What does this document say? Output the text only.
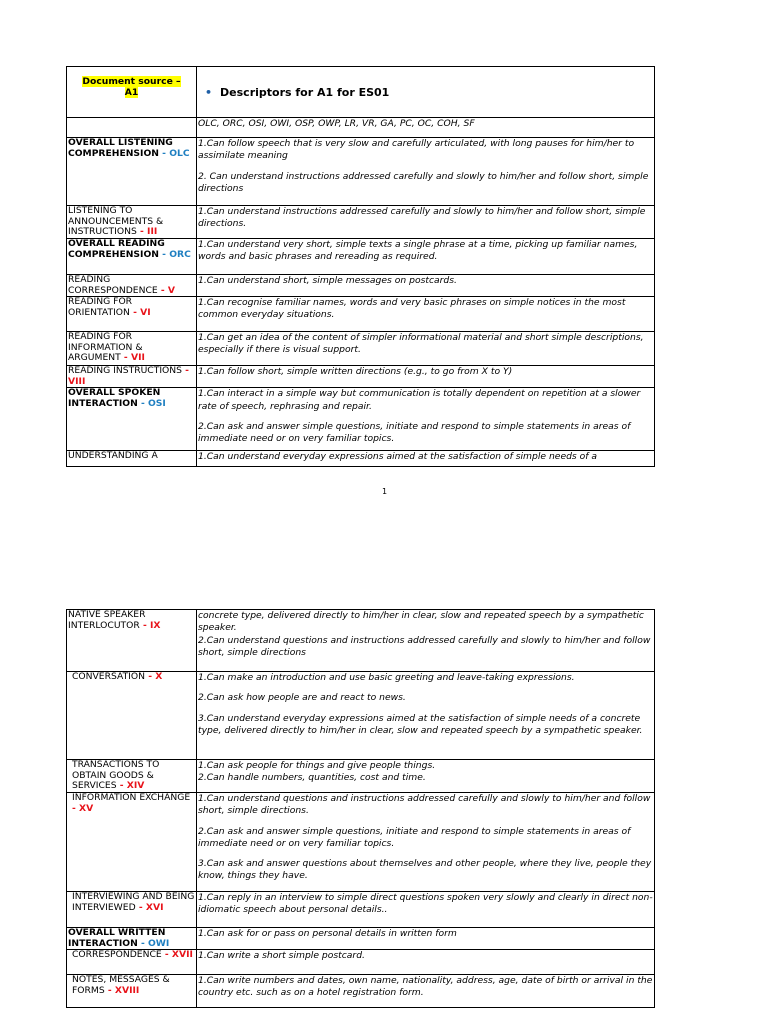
Document source –
A1	• Descriptors for A1 for ES01
	OLC, ORC, OSI, OWI, OSP, OWP, LR, VR, GA, PC, OC, COH, SF
OVERALL LISTENING COMPREHENSION - OLC	1.Can follow speech that is very slow and carefully articulated, with long pauses for him/her to assimilate meaning
2. Can understand instructions addressed carefully and slowly to him/her and follow short, simple directions

LISTENING TO ANNOUNCEMENTS & INSTRUCTIONS - III	1.Can understand instructions addressed carefully and slowly to him/her and follow short, simple directions.

OVERALL READING COMPREHENSION - ORC	1.Can understand very short, simple texts a single phrase at a time, picking up familiar names, words and basic phrases and rereading as required.

READING CORRESPONDENCE - V	1.Can understand short, simple messages on postcards.

READING FOR ORIENTATION - VI	1.Can recognise familiar names, words and very basic phrases on simple notices in the most common everyday situations.

READING FOR INFORMATION & ARGUMENT - VII	1.Can get an idea of the content of simpler informational material and short simple descriptions, especially if there is visual support.

READING INSTRUCTIONS - VIII	1.Can follow short, simple written directions (e.g., to go from X to Y)

OVERALL SPOKEN INTERACTION - OSI	1.Can interact in a simple way but communication is totally dependent on repetition at a slower rate of speech, rephrasing and repair.
2.Can ask and answer simple questions, initiate and respond to simple statements in areas of immediate need or on very familiar topics.

UNDERSTANDING A	1.Can understand everyday expressions aimed at the satisfaction of simple needs of a
1
NATIVE SPEAKER INTERLOCUTOR - IX	concrete type, delivered directly to him/her in clear, slow and repeated speech by a sympathetic speaker.
2.Can understand questions and instructions addressed carefully and slowly to him/her and follow short, simple directions

CONVERSATION - X	1.Can make an introduction and use basic greeting and leave-taking expressions.
2.Can ask how people are and react to news.
3.Can understand everyday expressions aimed at the satisfaction of simple needs of a concrete type, delivered directly to him/her in clear, slow and repeated speech by a sympathetic speaker.

TRANSACTIONS TO OBTAIN GOODS & SERVICES - XIV	1.Can ask people for things and give people things.
2.Can handle numbers, quantities, cost and time.

INFORMATION EXCHANGE - XV	1.Can understand questions and instructions addressed carefully and slowly to him/her and follow short, simple directions.
2.Can ask and answer simple questions, initiate and respond to simple statements in areas of immediate need or on very familiar topics.
3.Can ask and answer questions about themselves and other people, where they live, people they know, things they have.

INTERVIEWING AND BEING INTERVIEWED - XVI	1.Can reply in an interview to simple direct questions spoken very slowly and clearly in direct non-idiomatic speech about personal details..

OVERALL WRITTEN INTERACTION - OWI	1.Can ask for or pass on personal details in written form

CORRESPONDENCE - XVII	1.Can write a short simple postcard.

NOTES, MESSAGES & FORMS - XVIII	1.Can write numbers and dates, own name, nationality, address, age, date of birth or arrival in the country etc. such as on a hotel registration form.
